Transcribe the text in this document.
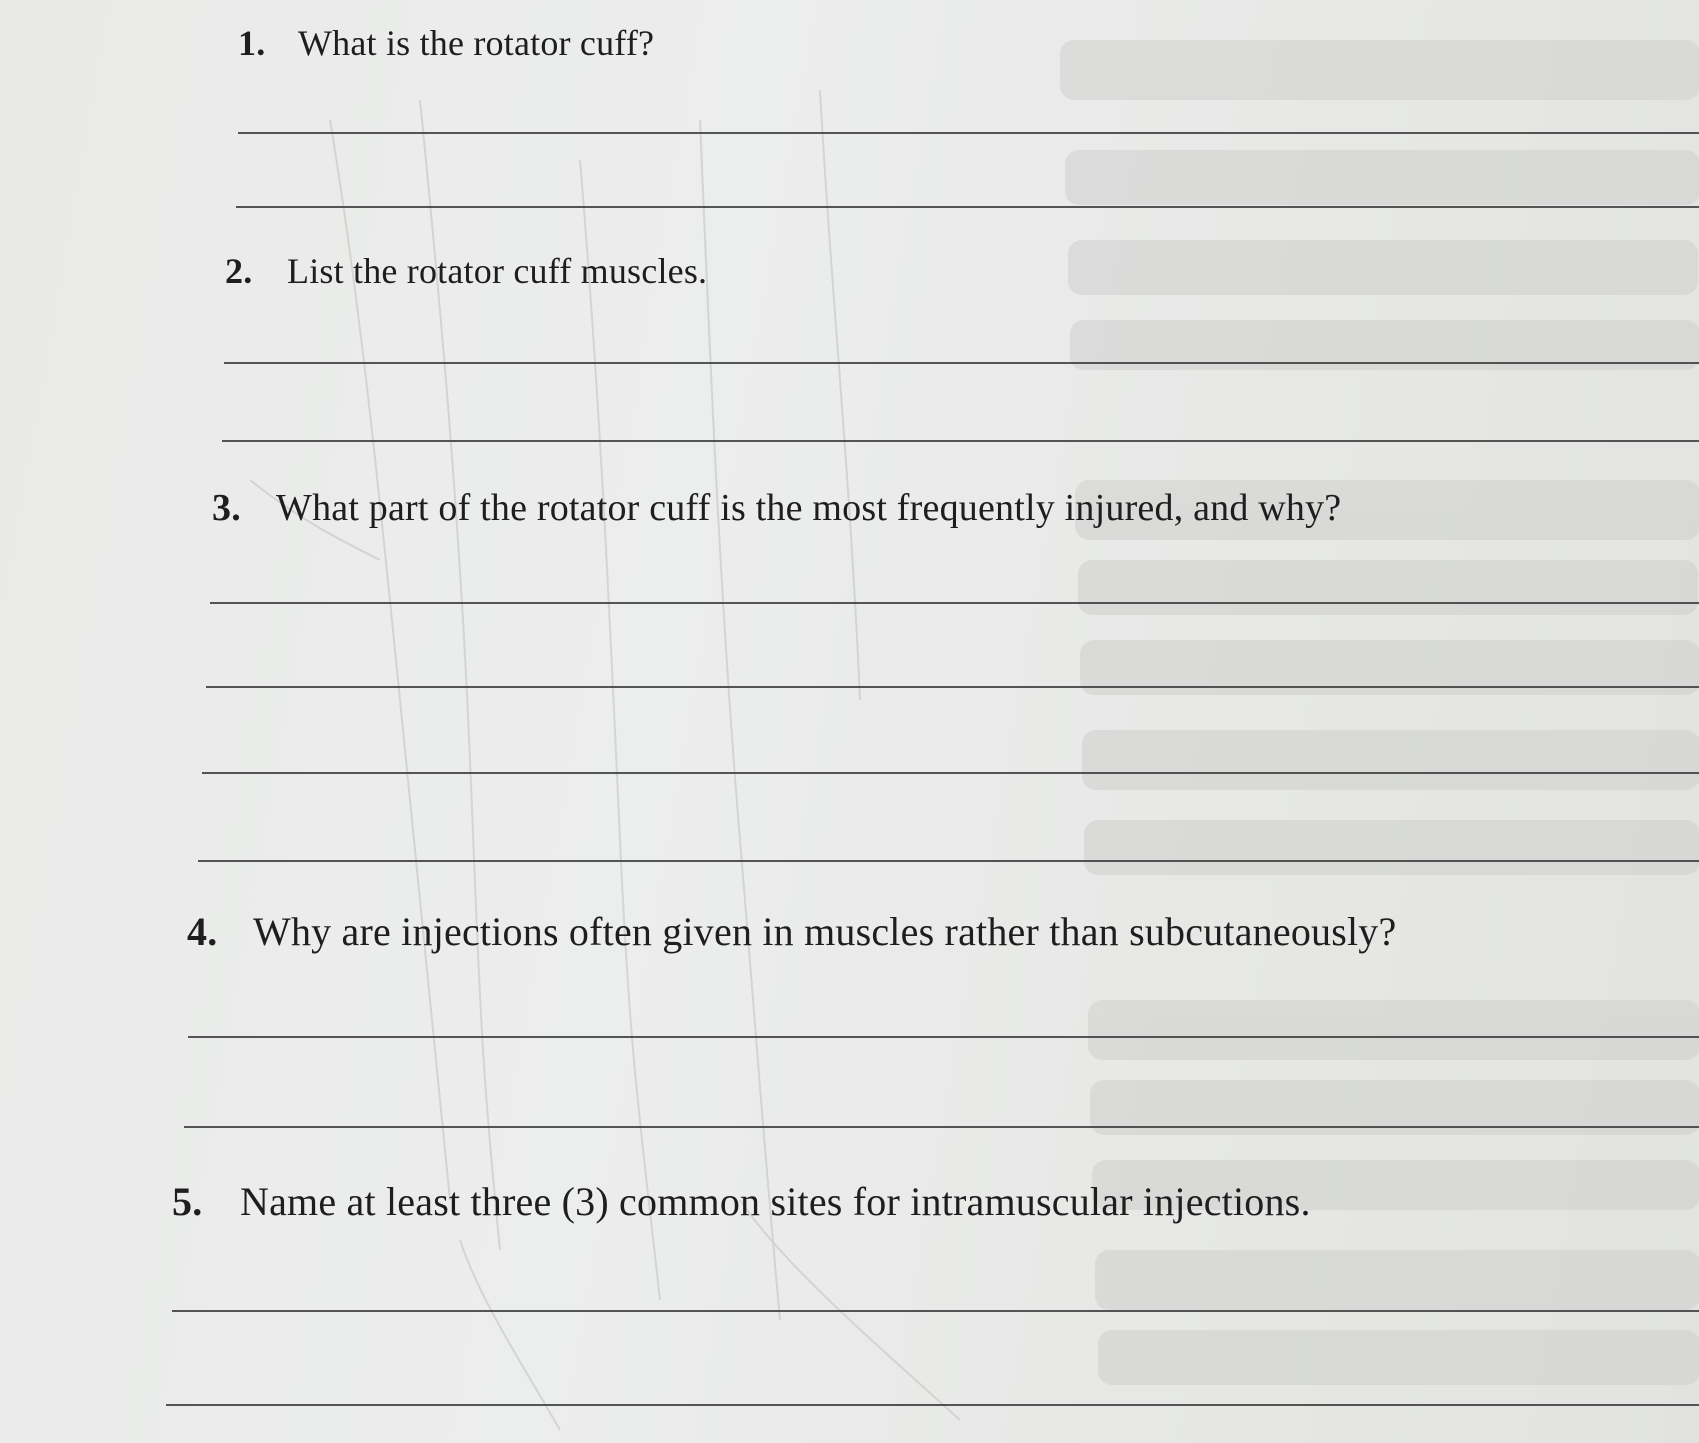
1. What is the rotator cuff?
2. List the rotator cuff muscles.
3. What part of the rotator cuff is the most frequently injured, and why?
4. Why are injections often given in muscles rather than subcutaneously?
5. Name at least three (3) common sites for intramuscular injections.
